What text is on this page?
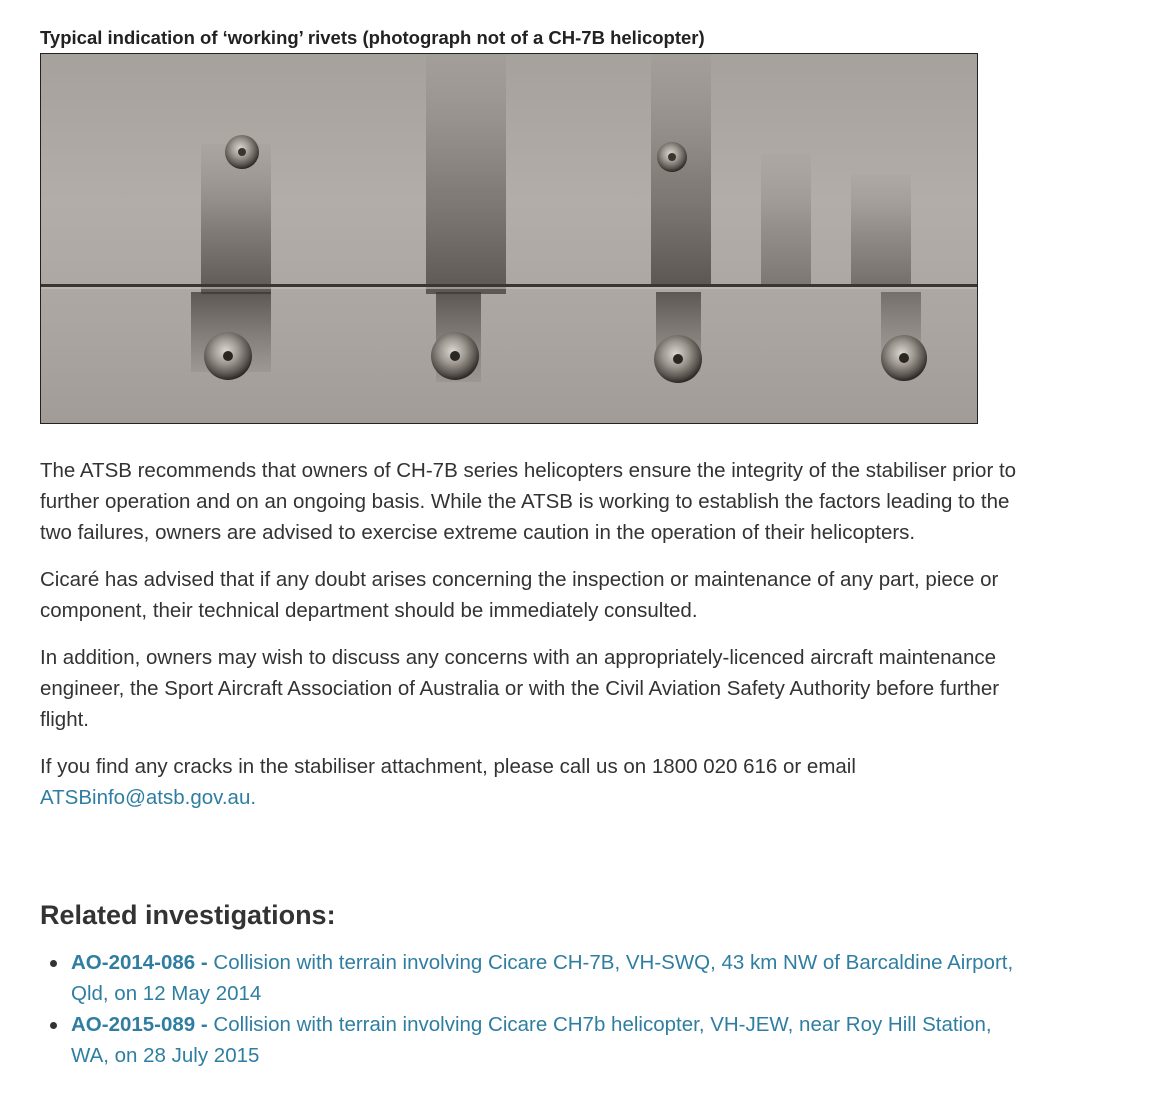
Typical indication of ‘working’ rivets (photograph not of a CH-7B helicopter)

The ATSB recommends that owners of CH-7B series helicopters ensure the integrity of the stabiliser prior to further operation and on an ongoing basis. While the ATSB is working to establish the factors leading to the two failures, owners are advised to exercise extreme caution in the operation of their helicopters.

Cicaré has advised that if any doubt arises concerning the inspection or maintenance of any part, piece or component, their technical department should be immediately consulted.

In addition, owners may wish to discuss any concerns with an appropriately-licenced aircraft maintenance engineer, the Sport Aircraft Association of Australia or with the Civil Aviation Safety Authority before further flight.

If you find any cracks in the stabiliser attachment, please call us on 1800 020 616 or email ATSBinfo@atsb.gov.au.

Related investigations:
AO-2014-086 - Collision with terrain involving Cicare CH-7B, VH-SWQ, 43 km NW of Barcaldine Airport, Qld, on 12 May 2014
AO-2015-089 - Collision with terrain involving Cicare CH7b helicopter, VH-JEW, near Roy Hill Station, WA, on 28 July 2015
